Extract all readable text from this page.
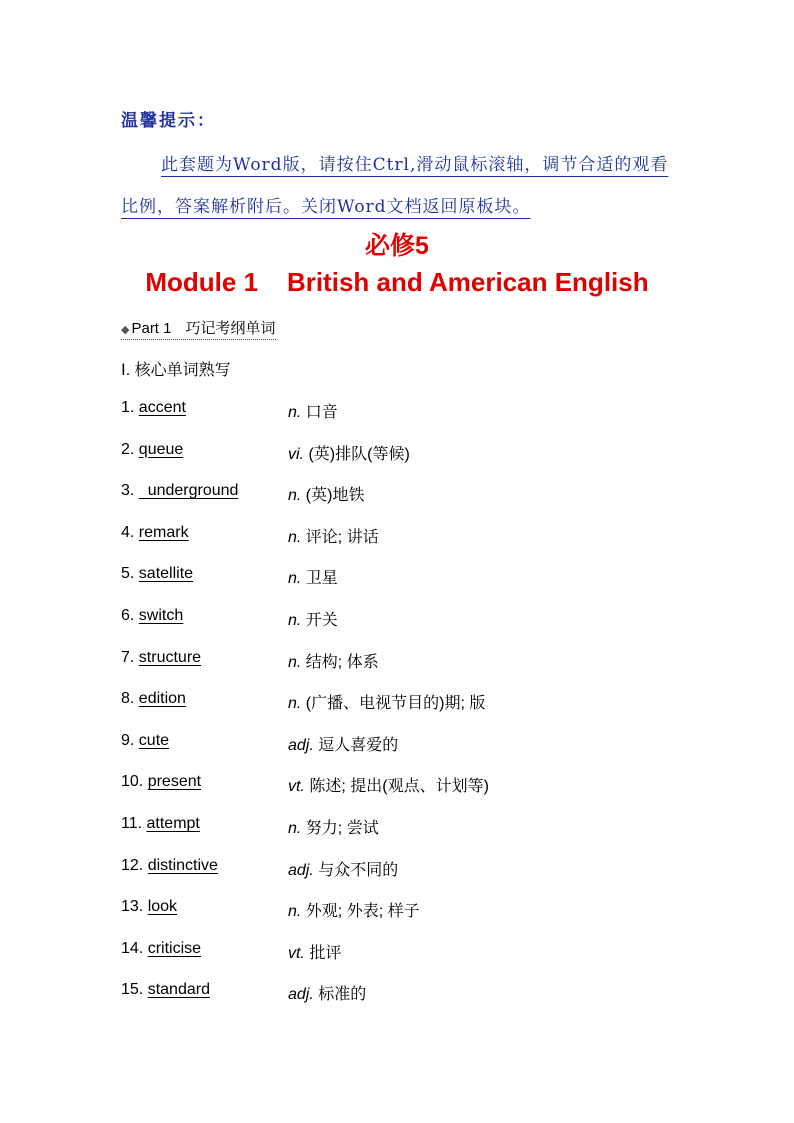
温馨提示：
此套题为Word版，请按住Ctrl,滑动鼠标滚轴，调节合适的观看比例，答案解析附后。关闭Word文档返回原板块。
必修5
Module 1    British and American English
◆ Part 1 巧记考纲单词
Ⅰ. 核心单词熟写
1. accent	n. 口音
2. queue	vi. (英)排队(等候)
3.   underground	n. (英)地铁
4. remark	n. 评论; 讲话
5. satellite	n. 卫星
6. switch	n. 开关
7. structure	n. 结构; 体系
8. edition	n. (广播、电视节目的)期; 版
9. cute	adj. 逗人喜爱的
10. present	vt. 陈述; 提出(观点、计划等)
11. attempt	n. 努力; 尝试
12. distinctive	adj. 与众不同的
13. look	n. 外观; 外表; 样子
14. criticise	vt. 批评
15. standard	adj. 标准的
